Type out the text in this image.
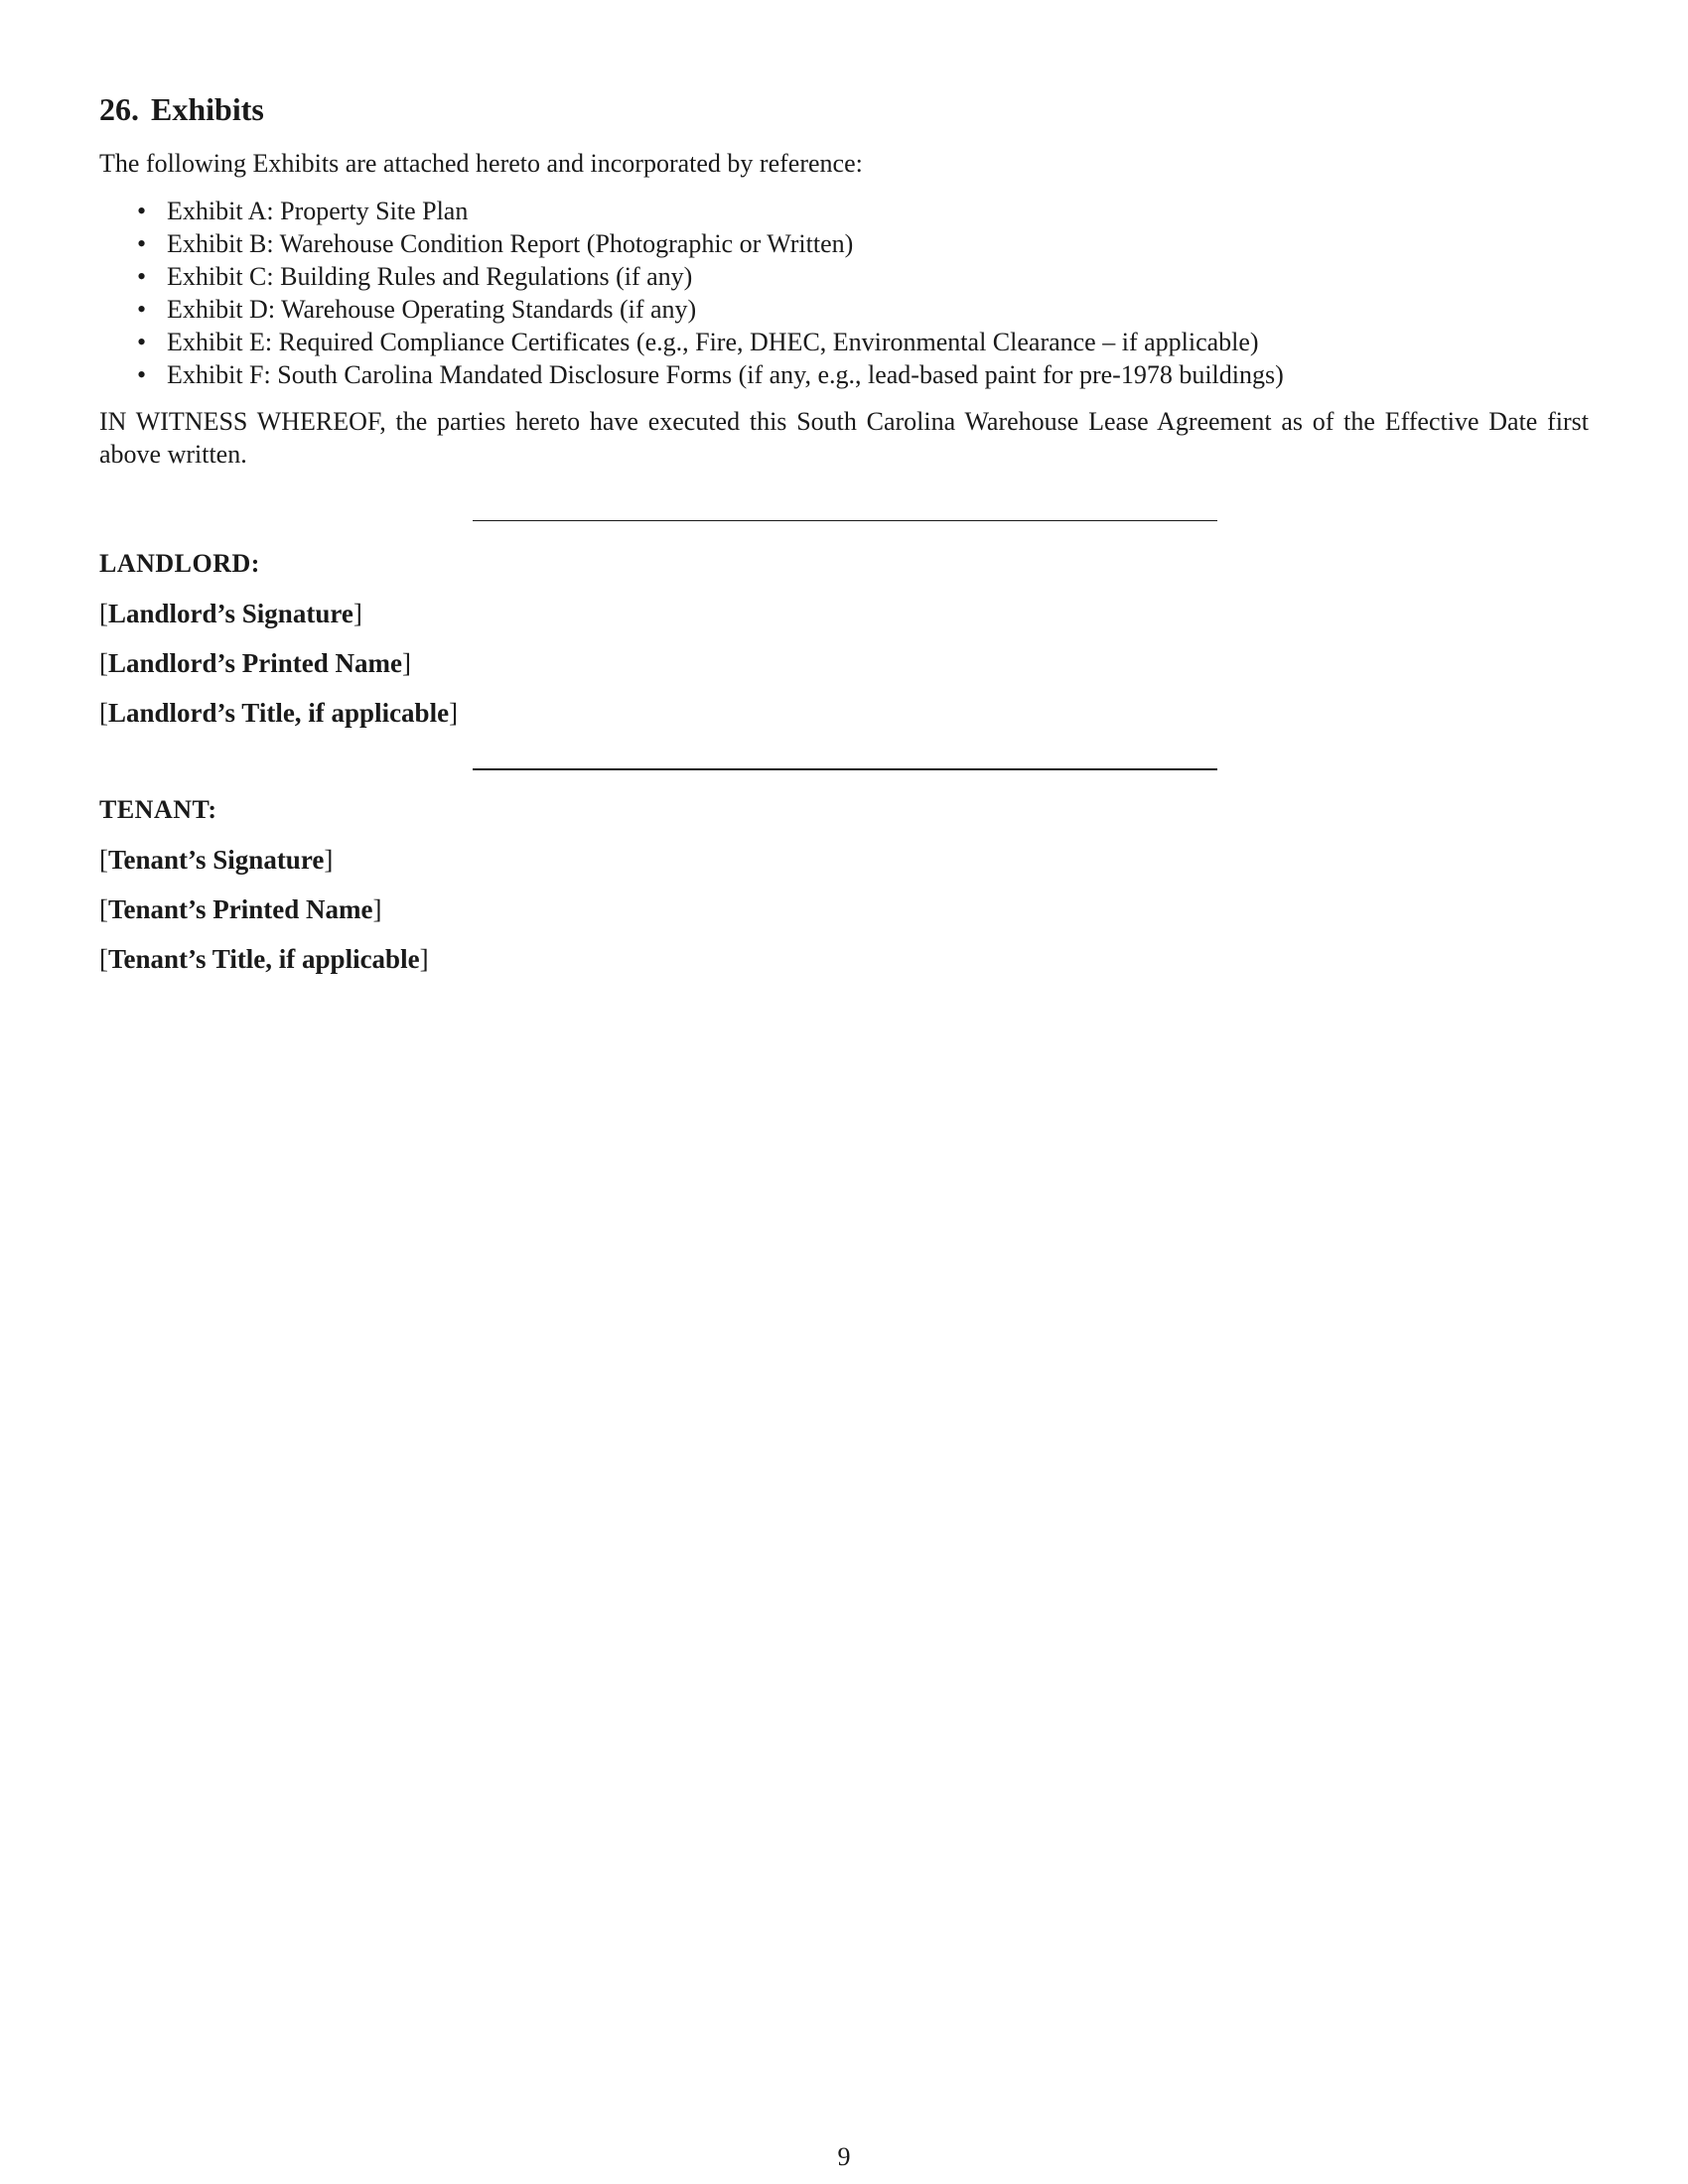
26. Exhibits

The following Exhibits are attached hereto and incorporated by reference:

• Exhibit A: Property Site Plan
• Exhibit B: Warehouse Condition Report (Photographic or Written)
• Exhibit C: Building Rules and Regulations (if any)
• Exhibit D: Warehouse Operating Standards (if any)
• Exhibit E: Required Compliance Certificates (e.g., Fire, DHEC, Environmental Clearance – if applicable)
• Exhibit F: South Carolina Mandated Disclosure Forms (if any, e.g., lead-based paint for pre-1978 buildings)

IN WITNESS WHEREOF, the parties hereto have executed this South Carolina Warehouse Lease Agreement as of the Effective Date first above written.

LANDLORD:
[Landlord’s Signature]
[Landlord’s Printed Name]
[Landlord’s Title, if applicable]
TENANT:
[Tenant’s Signature]
[Tenant’s Printed Name]
[Tenant’s Title, if applicable]
9
